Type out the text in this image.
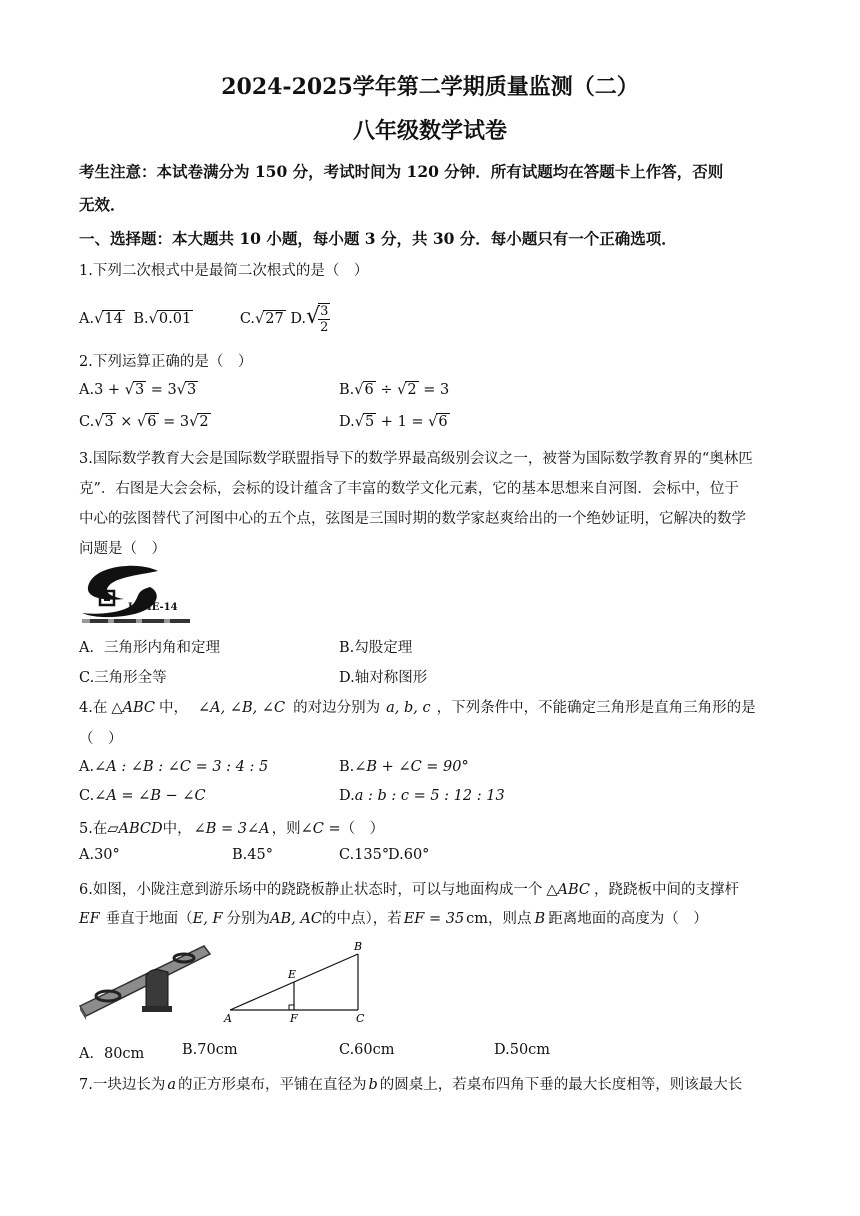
2024-2025学年第二学期质量监测（二）
八年级数学试卷
考生注意：本试卷满分为 150 分，考试时间为 120 分钟．所有试题均在答题卡上作答，否则
无效．
一、选择题：本大题共 10 小题，每小题 3 分，共 30 分．每小题只有一个正确选项．
1.下列二次根式中是最简二次根式的是（　）
A.√14 B.√0.01	C.√27 D.√
$\frac{3}{2}$
2.下列运算正确的是（　）
A.3 + √3 = 3√3	B.√6 ÷ √2 = 3
C.√3 × √6 = 3√2	D.√5 + 1 = √6
3.国际数学教育大会是国际数学联盟指导下的数学界最高级别会议之一，被誉为国际数学教育界的“奥林匹
克”．右图是大会会标，会标的设计蕴含了丰富的数学文化元素，它的基本思想来自河图．会标中，位于
中心的弦图替代了河图中心的五个点，弦图是三国时期的数学家赵爽给出的一个绝妙证明，它解决的数学
问题是（　）
ICME-14
A．三角形内角和定理	B.勾股定理
C.三角形全等	D.轴对称图形
4.在 △ABC 中， ∠A, ∠B, ∠C 的对边分别为 a, b, c ，下列条件中，不能确定三角形是直角三角形的是
（　）
A.∠A : ∠B : ∠C = 3 : 4 : 5	B.∠B + ∠C = 90°
C.∠A = ∠B − ∠C	D.a : b : c = 5 : 12 : 13
5.在▱ABCD中， ∠B = 3∠A ，则∠C =（　）
A.30°	B.45°	C.135°
D.60°
6.如图，小陇注意到游乐场中的跷跷板静止状态时，可以与地面构成一个 △ABC ，跷跷板中间的支撑杆
EF 垂直于地面（E, F 分别为AB, AC的中点），若 EF = 35 cm，则点 B 距离地面的高度为（　）
A
B
C
E
F
A．80cm	B.70cm	C.60cm	D.50cm
7.一块边长为 a 的正方形桌布，平铺在直径为 b 的圆桌上，若桌布四角下垂的最大长度相等，则该最大长
